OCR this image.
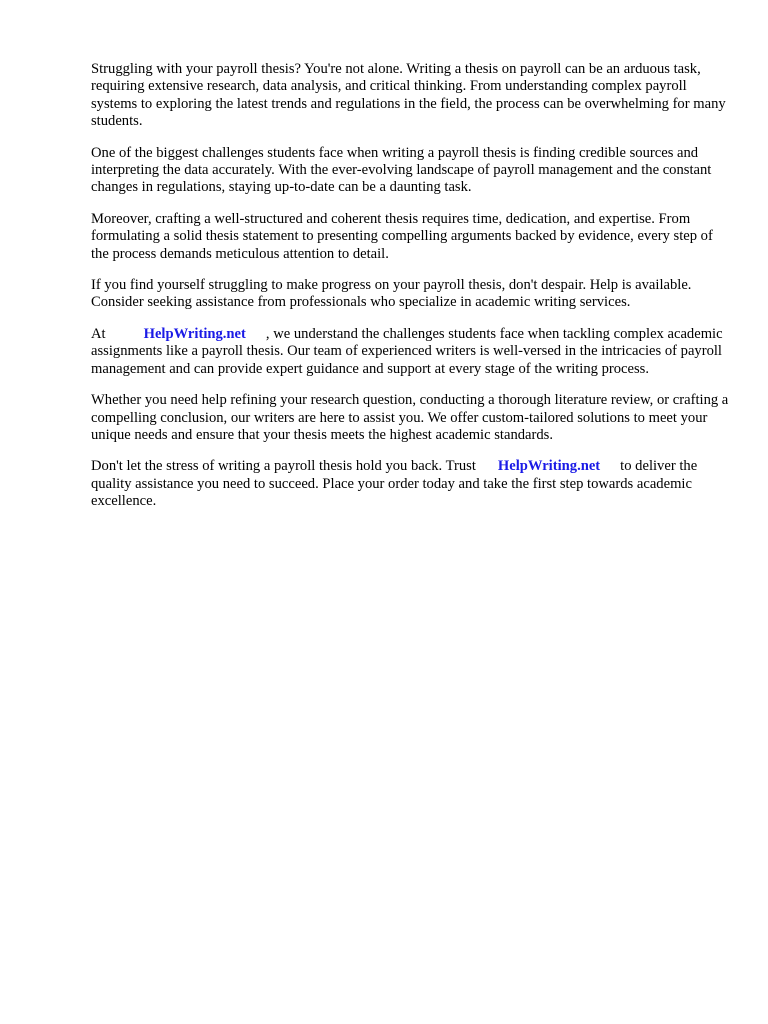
Struggling with your payroll thesis? You're not alone. Writing a thesis on payroll can be an arduous task, requiring extensive research, data analysis, and critical thinking. From understanding complex payroll systems to exploring the latest trends and regulations in the field, the process can be overwhelming for many students.

One of the biggest challenges students face when writing a payroll thesis is finding credible sources and interpreting the data accurately. With the ever-evolving landscape of payroll management and the constant changes in regulations, staying up-to-date can be a daunting task.

Moreover, crafting a well-structured and coherent thesis requires time, dedication, and expertise. From formulating a solid thesis statement to presenting compelling arguments backed by evidence, every step of the process demands meticulous attention to detail.

If you find yourself struggling to make progress on your payroll thesis, don't despair. Help is available. Consider seeking assistance from professionals who specialize in academic writing services.

At	HelpWriting.net , we understand the challenges students face when tackling complex academic assignments like a payroll thesis. Our team of experienced writers is well-versed in the intricacies of payroll management and can provide expert guidance and support at every stage of the writing process.

Whether you need help refining your research question, conducting a thorough literature review, or crafting a compelling conclusion, our writers are here to assist you. We offer custom-tailored solutions to meet your unique needs and ensure that your thesis meets the highest academic standards.

Don't let the stress of writing a payroll thesis hold you back. Trust HelpWriting.net to deliver the quality assistance you need to succeed. Place your order today and take the first step towards academic excellence.
